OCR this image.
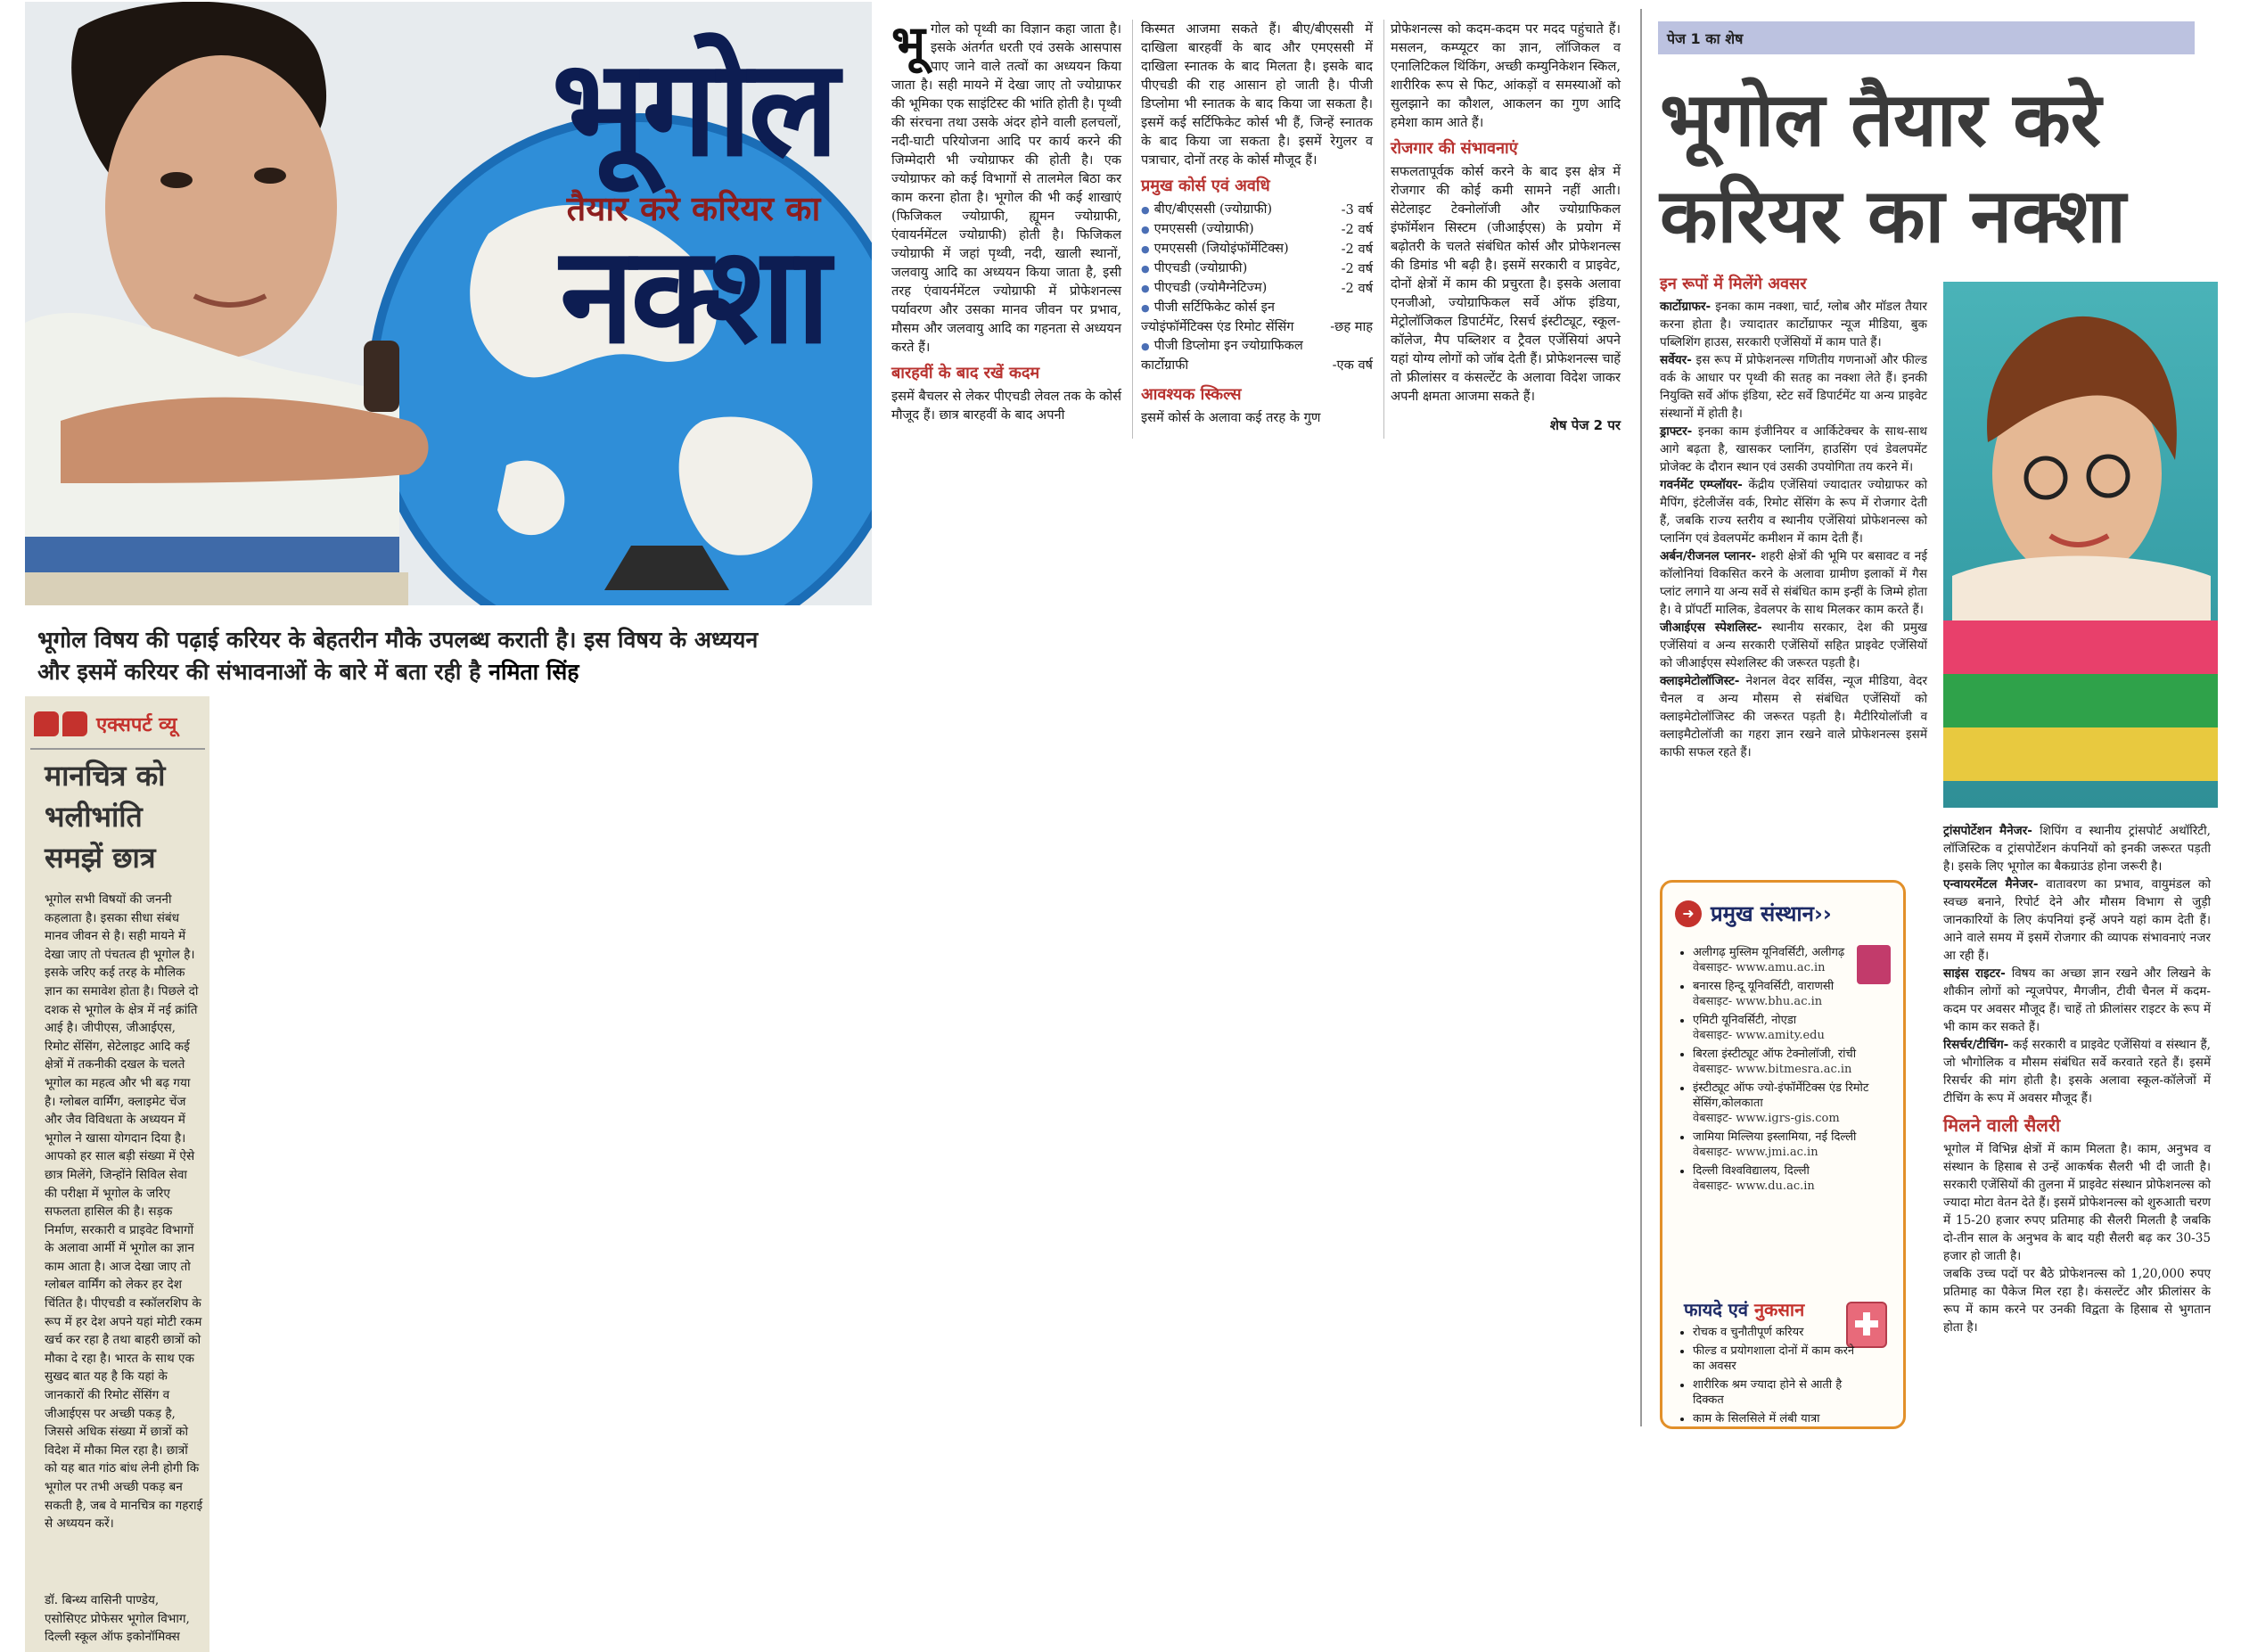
भूगोल
तैयार करे करियर का
नक्शा
भूगोल विषय की पढ़ाई करियर के बेहतरीन मौके उपलब्ध कराती है। इस विषय के अध्ययन
और इसमें करियर की संभावनाओं के बारे में बता रही है नमिता सिंह
एक्सपर्ट व्यू
मानचित्र को भलीभांति समझें छात्र

भूगोल सभी विषयों की जननी कहलाता है। इसका सीधा संबंध मानव जीवन से है। सही मायने में देखा जाए तो पंचतत्व ही भूगोल है। इसके जरिए कई तरह के मौलिक ज्ञान का समावेश होता है। पिछले दो दशक से भूगोल के क्षेत्र में नई क्रांति आई है। जीपीएस, जीआईएस, रिमोट सेंसिंग, सेटेलाइट आदि कई क्षेत्रों में तकनीकी दखल के चलते भूगोल का महत्व और भी बढ़ गया है। ग्लोबल वार्मिंग, क्लाइमेट चेंज और जैव विविधता के अध्ययन में भूगोल ने खासा योगदान दिया है। आपको हर साल बड़ी संख्या में ऐसे छात्र मिलेंगे, जिन्होंने सिविल सेवा की परीक्षा में भूगोल के जरिए सफलता हासिल की है। सड़क निर्माण, सरकारी व प्राइवेट विभागों के अलावा आर्मी में भूगोल का ज्ञान काम आता है। आज देखा जाए तो ग्लोबल वार्मिंग को लेकर हर देश चिंतित है। पीएचडी व स्कॉलरशिप के रूप में हर देश अपने यहां मोटी रकम खर्च कर रहा है तथा बाहरी छात्रों को मौका दे रहा है। भारत के साथ एक सुखद बात यह है कि यहां के जानकारों की रिमोट सेंसिंग व जीआईएस पर अच्छी पकड़ है, जिससे अधिक संख्या में छात्रों को विदेश में मौका मिल रहा है। छात्रों को यह बात गांठ बांध लेनी होगी कि भूगोल पर तभी अच्छी पकड़ बन सकती है, जब वे मानचित्र का गहराई से अध्ययन करें।

डॉ. बिन्ध्य वासिनी पाण्डेय, एसोसिएट प्रोफेसर भूगोल विभाग, दिल्ली स्कूल ऑफ इकोनॉमिक्स

भू गोल को पृथ्वी का विज्ञान कहा जाता है। इसके अंतर्गत धरती एवं उसके आसपास पाए जाने वाले तत्वों का अध्ययन किया जाता है। सही मायने में देखा जाए तो ज्योग्राफर की भूमिका एक साइंटिस्ट की भांति होती है। पृथ्वी की संरचना तथा उसके अंदर होने वाली हलचलों, नदी-घाटी परियोजना आदि पर कार्य करने की जिम्मेदारी भी ज्योग्राफर की होती है। एक ज्योग्राफर को कई विभागों से तालमेल बिठा कर काम करना होता है। भूगोल की भी कई शाखाएं (फिजिकल ज्योग्राफी, ह्यूमन ज्योग्राफी, एंवायर्नमेंटल ज्योग्राफी) होती है। फिजिकल ज्योग्राफी में जहां पृथ्वी, नदी, खाली स्थानों, जलवायु आदि का अध्ययन किया जाता है, इसी तरह एंवायर्नमेंटल ज्योग्राफी में प्रोफेशनल्स पर्यावरण और उसका मानव जीवन पर प्रभाव, मौसम और जलवायु आदि का गहनता से अध्ययन करते हैं।

बारहवीं के बाद रखें कदम

इसमें बैचलर से लेकर पीएचडी लेवल तक के कोर्स मौजूद हैं। छात्र बारहवीं के बाद अपनी

किस्मत आजमा सकते हैं। बीए/बीएससी में दाखिला बारहवीं के बाद और एमएससी में दाखिला स्नातक के बाद मिलता है। इसके बाद पीएचडी की राह आसान हो जाती है। पीजी डिप्लोमा भी स्नातक के बाद किया जा सकता है। इसमें कई सर्टिफिकेट कोर्स भी हैं, जिन्हें स्नातक के बाद किया जा सकता है। इसमें रेगुलर व पत्राचार, दोनों तरह के कोर्स मौजूद हैं।

प्रमुख कोर्स एवं अवधि
● बीए/बीएससी (ज्योग्राफी)	-3 वर्ष
● एमएससी (ज्योग्राफी)	-2 वर्ष
● एमएससी (जियोइंफॉर्मेटिक्स)	-2 वर्ष
● पीएचडी (ज्योग्राफी)	-2 वर्ष
● पीएचडी (ज्योमैग्नेटिज्म)	-2 वर्ष
● पीजी सर्टिफिकेट कोर्स इन ज्योइंफॉर्मेटिक्स एंड रिमोट सेंसिंग	-छह माह
● पीजी डिप्लोमा इन ज्योग्राफिकल कार्टोग्राफी	-एक वर्ष
आवश्यक स्किल्स

इसमें कोर्स के अलावा कई तरह के गुण

प्रोफेशनल्स को कदम-कदम पर मदद पहुंचाते हैं। मसलन, कम्प्यूटर का ज्ञान, लॉजिकल व एनालिटिकल थिंकिंग, अच्छी कम्युनिकेशन स्किल, शारीरिक रूप से फिट, आंकड़ों व समस्याओं को सुलझाने का कौशल, आकलन का गुण आदि हमेशा काम आते हैं।

रोजगार की संभावनाएं

सफलतापूर्वक कोर्स करने के बाद इस क्षेत्र में रोजगार की कोई कमी सामने नहीं आती। सेटेलाइट टेक्नोलॉजी और ज्योग्राफिकल इंफॉर्मेशन सिस्टम (जीआईएस) के प्रयोग में बढ़ोतरी के चलते संबंधित कोर्स और प्रोफेशनल्स की डिमांड भी बढ़ी है। इसमें सरकारी व प्राइवेट, दोनों क्षेत्रों में काम की प्रचुरता है। इसके अलावा एनजीओ, ज्योग्राफिकल सर्वे ऑफ इंडिया, मेट्रोलॉजिकल डिपार्टमेंट, रिसर्च इंस्टीट्यूट, स्कूल-कॉलेज, मैप पब्लिशर व ट्रैवल एजेंसियां अपने यहां योग्य लोगों को जॉब देती हैं। प्रोफेशनल्स चाहें तो फ्रीलांसर व कंसल्टेंट के अलावा विदेश जाकर अपनी क्षमता आजमा सकते हैं।

शेष पेज 2 पर
पेज 1 का शेष
भूगोल तैयार करे
करियर का नक्शा
इन रूपों में मिलेंगे अवसर

कार्टोग्राफर- इनका काम नक्शा, चार्ट, ग्लोब और मॉडल तैयार करना होता है। ज्यादातर कार्टोग्राफर न्यूज मीडिया, बुक पब्लिशिंग हाउस, सरकारी एजेंसियों में काम पाते हैं।

सर्वेयर- इस रूप में प्रोफेशनल्स गणितीय गणनाओं और फील्ड वर्क के आधार पर पृथ्वी की सतह का नक्शा लेते हैं। इनकी नियुक्ति सर्वे ऑफ इंडिया, स्टेट सर्वे डिपार्टमेंट या अन्य प्राइवेट संस्थानों में होती है।

ड्राफ्टर- इनका काम इंजीनियर व आर्किटेक्चर के साथ-साथ आगे बढ़ता है, खासकर प्लानिंग, हाउसिंग एवं डेवलपमेंट प्रोजेक्ट के दौरान स्थान एवं उसकी उपयोगिता तय करने में।

गवर्नमेंट एम्प्लॉयर- केंद्रीय एजेंसियां ज्यादातर ज्योग्राफर को मैपिंग, इंटेलीजेंस वर्क, रिमोट सेंसिंग के रूप में रोजगार देती हैं, जबकि राज्य स्तरीय व स्थानीय एजेंसियां प्रोफेशनल्स को प्लानिंग एवं डेवलपमेंट कमीशन में काम देती हैं।

अर्बन/रीजनल प्लानर- शहरी क्षेत्रों की भूमि पर बसावट व नई कॉलोनियां विकसित करने के अलावा ग्रामीण इलाकों में गैस प्लांट लगाने या अन्य सर्वे से संबंधित काम इन्हीं के जिम्मे होता है। वे प्रॉपर्टी मालिक, डेवलपर के साथ मिलकर काम करते हैं।

जीआईएस स्पेशलिस्ट- स्थानीय सरकार, देश की प्रमुख एजेंसियां व अन्य सरकारी एजेंसियों सहित प्राइवेट एजेंसियों को जीआईएस स्पेशलिस्ट की जरूरत पड़ती है।

क्लाइमेटोलॉजिस्ट- नेशनल वेदर सर्विस, न्यूज मीडिया, वेदर चैनल व अन्य मौसम से संबंधित एजेंसियों को क्लाइमेटोलॉजिस्ट की जरूरत पड़ती है। मैटीरियोलॉजी व क्लाइमैटोलॉजी का गहरा ज्ञान रखने वाले प्रोफेशनल्स इसमें काफी सफल रहते हैं।

ट्रांसपोर्टेशन मैनेजर- शिपिंग व स्थानीय ट्रांसपोर्ट अथॉरिटी, लॉजिस्टिक व ट्रांसपोर्टेशन कंपनियों को इनकी जरूरत पड़ती है। इसके लिए भूगोल का बैकग्राउंड होना जरूरी है।

एन्वायरमेंटल मैनेजर- वातावरण का प्रभाव, वायुमंडल को स्वच्छ बनाने, रिपोर्ट देने और मौसम विभाग से जुड़ी जानकारियों के लिए कंपनियां इन्हें अपने यहां काम देती हैं। आने वाले समय में इसमें रोजगार की व्यापक संभावनाएं नजर आ रही हैं।

साइंस राइटर- विषय का अच्छा ज्ञान रखने और लिखने के शौकीन लोगों को न्यूजपेपर, मैगजीन, टीवी चैनल में कदम-कदम पर अवसर मौजूद हैं। चाहें तो फ्रीलांसर राइटर के रूप में भी काम कर सकते हैं।

रिसर्चर/टीचिंग- कई सरकारी व प्राइवेट एजेंसियां व संस्थान हैं, जो भौगोलिक व मौसम संबंधित सर्वे करवाते रहते हैं। इसमें रिसर्चर की मांग होती है। इसके अलावा स्कूल-कॉलेजों में टीचिंग के रूप में अवसर मौजूद हैं।

मिलने वाली सैलरी

भूगोल में विभिन्न क्षेत्रों में काम मिलता है। काम, अनुभव व संस्थान के हिसाब से उन्हें आकर्षक सैलरी भी दी जाती है। सरकारी एजेंसियों की तुलना में प्राइवेट संस्थान प्रोफेशनल्स को ज्यादा मोटा वेतन देते हैं। इसमें प्रोफेशनल्स को शुरुआती चरण में 15-20 हजार रुपए प्रतिमाह की सैलरी मिलती है जबकि दो-तीन साल के अनुभव के बाद यही सैलरी बढ़ कर 30-35 हजार हो जाती है।

जबकि उच्च पदों पर बैठे प्रोफेशनल्स को 1,20,000 रुपए प्रतिमाह का पैकेज मिल रहा है। कंसल्टेंट और फ्रीलांसर के रूप में काम करने पर उनकी विद्वता के हिसाब से भुगतान होता है।

➜ प्रमुख संस्थान ››
• अलीगढ़ मुस्लिम यूनिवर्सिटी, अलीगढ़
वेबसाइट- www.amu.ac.in
• बनारस हिन्दू यूनिवर्सिटी, वाराणसी
वेबसाइट- www.bhu.ac.in
• एमिटी यूनिवर्सिटी, नोएडा
वेबसाइट- www.amity.edu
• बिरला इंस्टीट्यूट ऑफ टेक्नोलॉजी, रांची
वेबसाइट- www.bitmesra.ac.in
• इंस्टीट्यूट ऑफ ज्यो-इंफॉर्मेटिक्स एंड रिमोट सेंसिंग,कोलकाता
वेबसाइट- www.igrs-gis.com
• जामिया मिल्लिया इस्लामिया, नई दिल्ली
वेबसाइट- www.jmi.ac.in
• दिल्ली विश्वविद्यालय, दिल्ली
वेबसाइट- www.du.ac.in
फायदे एवं नुकसान
• रोचक व चुनौतीपूर्ण करियर
• फील्ड व प्रयोगशाला दोनों में काम करने का अवसर
• शारीरिक श्रम ज्यादा होने से आती है दिक्कत
• काम के सिलसिले में लंबी यात्रा
